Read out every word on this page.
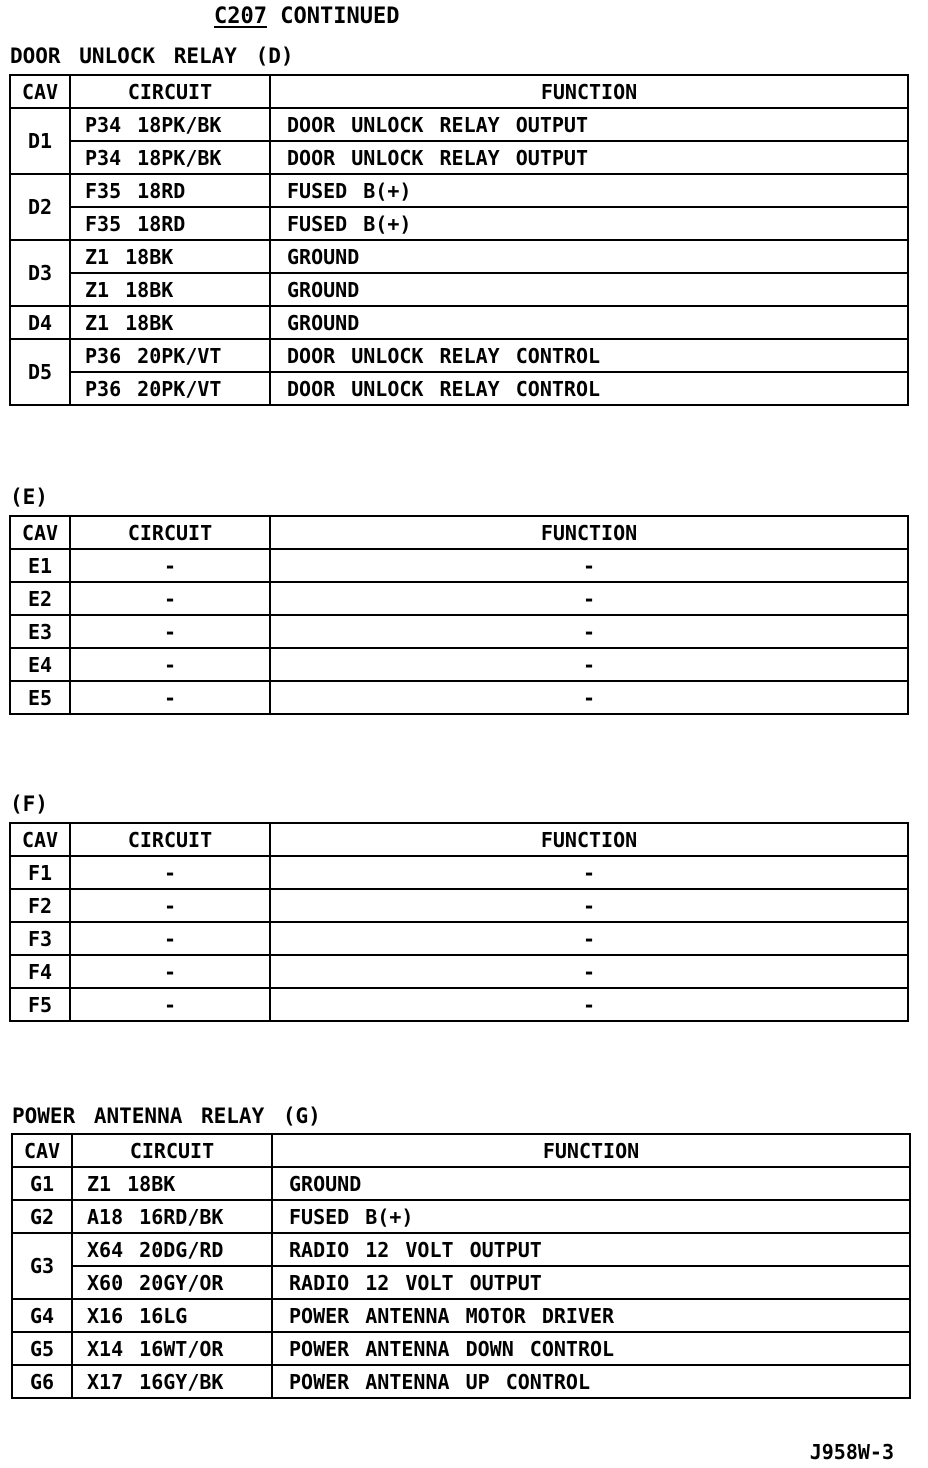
C207 CONTINUED
DOOR UNLOCK RELAY (D)
CAV	CIRCUIT	FUNCTION
D1	P34 18PK/BK	DOOR UNLOCK RELAY OUTPUT
	P34 18PK/BK	DOOR UNLOCK RELAY OUTPUT
D2	F35 18RD	FUSED B(+)
	F35 18RD	FUSED B(+)
D3	Z1 18BK	GROUND
	Z1 18BK	GROUND
D4	Z1 18BK	GROUND
D5	P36 20PK/VT	DOOR UNLOCK RELAY CONTROL
	P36 20PK/VT	DOOR UNLOCK RELAY CONTROL
(E)
CAV	CIRCUIT	FUNCTION
E1	-	-
E2	-	-
E3	-	-
E4	-	-
E5	-	-
(F)
CAV	CIRCUIT	FUNCTION
F1	-	-
F2	-	-
F3	-	-
F4	-	-
F5	-	-
POWER ANTENNA RELAY (G)
CAV	CIRCUIT	FUNCTION
G1	Z1 18BK	GROUND
G2	A18 16RD/BK	FUSED B(+)
G3	X64 20DG/RD	RADIO 12 VOLT OUTPUT
	X60 20GY/OR	RADIO 12 VOLT OUTPUT
G4	X16 16LG	POWER ANTENNA MOTOR DRIVER
G5	X14 16WT/OR	POWER ANTENNA DOWN CONTROL
G6	X17 16GY/BK	POWER ANTENNA UP CONTROL
J958W-3
